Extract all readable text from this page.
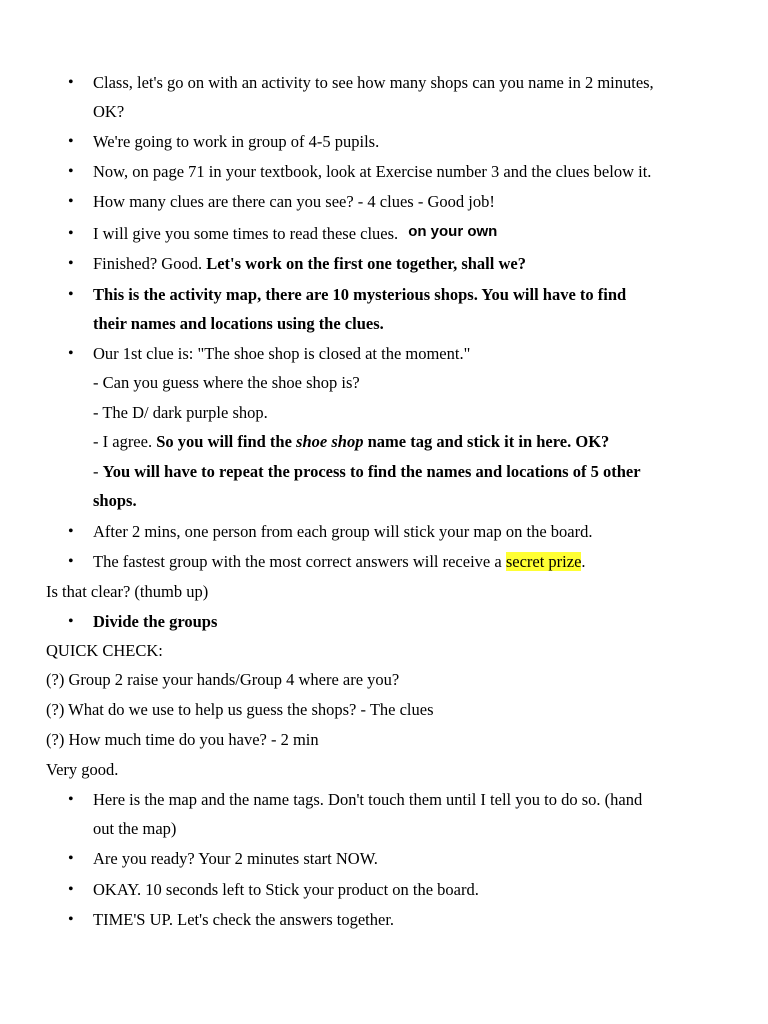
Class, let's go on with an activity to see how many shops can you name in 2 minutes,
OK?
We're going to work in group of 4-5 pupils.
Now, on page 71 in your textbook, look at Exercise number 3 and the clues below it.
How many clues are there can you see? - 4 clues - Good job!
I will give you some times to read these clues. on your own
Finished? Good. Let's work on the first one together, shall we?
This is the activity map, there are 10 mysterious shops. You will have to find
their names and locations using the clues.
Our 1st clue is: "The shoe shop is closed at the moment."
- Can you guess where the shoe shop is?
- The D/ dark purple shop.
- I agree. So you will find the shoe shop name tag and stick it in here. OK?
- You will have to repeat the process to find the names and locations of 5 other
shops.
After 2 mins, one person from each group will stick your map on the board.
The fastest group with the most correct answers will receive a secret prize.
Is that clear? (thumb up)
Divide the groups
QUICK CHECK:
(?) Group 2 raise your hands/Group 4 where are you?
(?) What do we use to help us guess the shops? - The clues
(?) How much time do you have? - 2 min
Very good.
Here is the map and the name tags. Don't touch them until I tell you to do so. (hand
out the map)
Are you ready? Your 2 minutes start NOW.
OKAY. 10 seconds left to Stick your product on the board.
TIME'S UP. Let's check the answers together.
